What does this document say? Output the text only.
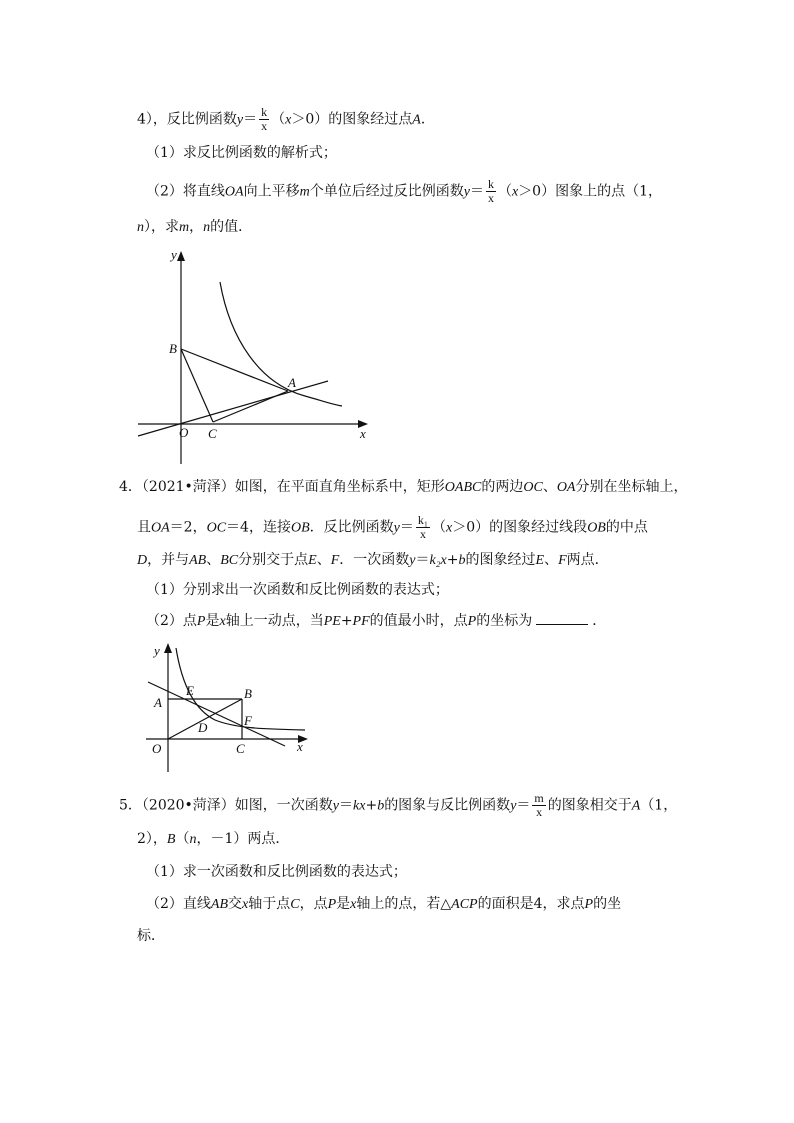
4），反比例函数$y= \frac{k}{x} (x>0)$的图象经过点A．
（1）求反比例函数的解析式；
（2）将直线OA向上平移m个单位后经过反比例函数$y= \frac{k}{x} (x>0)$图象上的点（1，
n），求m，n的值．
y
x
O
B
A
C
4．（2021•菏泽）如图，在平面直角坐标系中，矩形OABC的两边OC、OA分别在坐标轴上，
且OA＝2，OC＝4，连接OB．反比例函数$y= \frac{\text{k₁}}{x} (x>0)$的图象经过线段OB的中点
D，并与AB、BC分别交于点E、F．一次函数y＝k₂x+b的图象经过E、F两点．
（1）分别求出一次函数和反比例函数的表达式；
（2）点P是x轴上一动点，当PE+PF的值最小时，点P的坐标为	．
y
x
O
A
B
C
D
E
F
5．（2020•菏泽）如图，一次函数y＝kx+b的图象与反比例函数$y= \frac{m}{x}$ 的图象相交于A（1，
2），B（n，－1）两点．
（1）求一次函数和反比例函数的表达式；
（2）直线AB交x轴于点C，点P是x轴上的点，若△ACP的面积是4，求点P的坐
标．
